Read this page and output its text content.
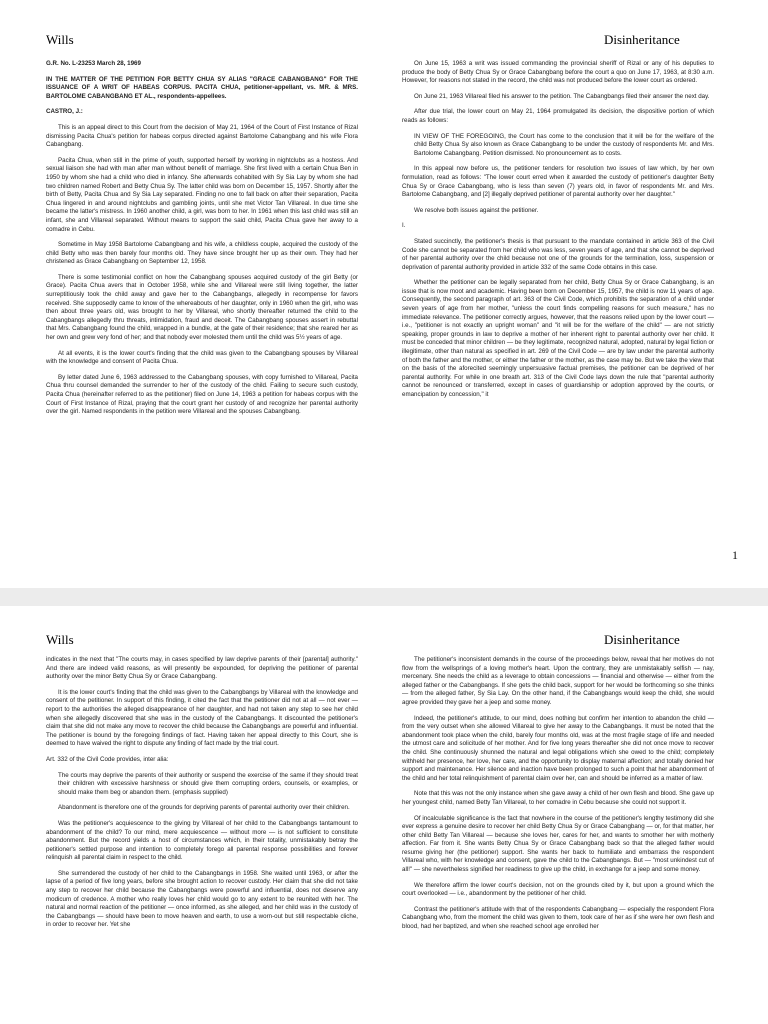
Wills	Disinheritance

G.R. No. L-23253 March 28, 1969

IN THE MATTER OF THE PETITION FOR BETTY CHUA SY ALIAS "GRACE CABANGBANG" FOR THE ISSUANCE OF A WRIT OF HABEAS CORPUS. PACITA CHUA, petitioner-appellant, vs. MR. & MRS. BARTOLOME CABANGBANG ET AL., respondents-appellees.

CASTRO, J.:

This is an appeal direct to this Court from the decision of May 21, 1964 of the Court of First Instance of Rizal dismissing Pacita Chua's petition for habeas corpus directed against Bartolome Cabangbang and his wife Flora Cabangbang.

Pacita Chua, when still in the prime of youth, supported herself by working in nightclubs as a hostess. And sexual liaison she had with man after man without benefit of marriage. She first lived with a certain Chua Ben in 1950 by whom she had a child who died in infancy. She afterwards cohabited with Sy Sia Lay by whom she had two children named Robert and Betty Chua Sy. The latter child was born on December 15, 1957. Shortly after the birth of Betty, Pacita Chua and Sy Sia Lay separated. Finding no one to fall back on after their separation, Pacita Chua lingered in and around nightclubs and gambling joints, until she met Victor Tan Villareal. In due time she became the latter's mistress. In 1960 another child, a girl, was born to her. In 1961 when this last child was still an infant, she and Villareal separated. Without means to support the said child, Pacita Chua gave her away to a comadre in Cebu.

Sometime in May 1958 Bartolome Cabangbang and his wife, a childless couple, acquired the custody of the child Betty who was then barely four months old. They have since brought her up as their own. They had her christened as Grace Cabangbang on September 12, 1958.

There is some testimonial conflict on how the Cabangbang spouses acquired custody of the girl Betty (or Grace). Pacita Chua avers that in October 1958, while she and Villareal were still living together, the latter surreptitiously took the child away and gave her to the Cabangbangs, allegedly in recompense for favors received. She supposedly came to know of the whereabouts of her daughter, only in 1960 when the girl, who was then about three years old, was brought to her by Villareal, who shortly thereafter returned the child to the Cabangbangs allegedly thru threats, intimidation, fraud and deceit. The Cabangbang spouses assert in rebuttal that Mrs. Cabangbang found the child, wrapped in a bundle, at the gate of their residence; that she reared her as her own and grew very fond of her; and that nobody ever molested them until the child was 5½ years of age.

At all events, it is the lower court's finding that the child was given to the Cabangbang spouses by Villareal with the knowledge and consent of Pacita Chua.

By letter dated June 6, 1963 addressed to the Cabangbang spouses, with copy furnished to Villareal, Pacita Chua thru counsel demanded the surrender to her of the custody of the child. Failing to secure such custody, Pacita Chua (hereinafter referred to as the petitioner) filed on June 14, 1963 a petition for habeas corpus with the Court of First Instance of Rizal, praying that the court grant her custody of and recognize her parental authority over the girl. Named respondents in the petition were Villareal and the spouses Cabangbang.

On June 15, 1963 a writ was issued commanding the provincial sheriff of Rizal or any of his deputies to produce the body of Betty Chua Sy or Grace Cabangbang before the court a quo on June 17, 1963, at 8:30 a.m. However, for reasons not stated in the record, the child was not produced before the lower court as ordered.

On June 21, 1963 Villareal filed his answer to the petition. The Cabangbangs filed their answer the next day.

After due trial, the lower court on May 21, 1964 promulgated its decision, the dispositive portion of which reads as follows:

IN VIEW OF THE FOREGOING, the Court has come to the conclusion that it will be for the welfare of the child Betty Chua Sy also known as Grace Cabangbang to be under the custody of respondents Mr. and Mrs. Bartolome Cabangbang. Petition dismissed. No pronouncement as to costs.

In this appeal now before us, the petitioner tenders for resolution two issues of law which, by her own formulation, read as follows: "The lower court erred when it awarded the custody of petitioner's daughter Betty Chua Sy or Grace Cabangbang, who is less than seven (7) years old, in favor of respondents Mr. and Mrs. Bartolome Cabangbang, and [2] illegally deprived petitioner of parental authority over her daughter."

We resolve both issues against the petitioner.

I.

Stated succinctly, the petitioner's thesis is that pursuant to the mandate contained in article 363 of the Civil Code she cannot be separated from her child who was less, seven years of age, and that she cannot be deprived of her parental authority over the child because not one of the grounds for the termination, loss, suspension or deprivation of parental authority provided in article 332 of the same Code obtains in this case.

Whether the petitioner can be legally separated from her child, Betty Chua Sy or Grace Cabangbang, is an issue that is now moot and academic. Having been born on December 15, 1957, the child is now 11 years of age. Consequently, the second paragraph of art. 363 of the Civil Code, which prohibits the separation of a child under seven years of age from her mother, "unless the court finds compelling reasons for such measure," has no immediate relevance. The petitioner correctly argues, however, that the reasons relied upon by the lower court —i.e., "petitioner is not exactly an upright woman" and "it will be for the welfare of the child" — are not strictly speaking, proper grounds in law to deprive a mother of her inherent right to parental authority over her child. It must be conceded that minor children — be they legitimate, recognized natural, adopted, natural by legal fiction or illegitimate, other than natural as specified in art. 269 of the Civil Code — are by law under the parental authority of both the father and the mother, or either the father or the mother, as the case may be. But we take the view that on the basis of the aforecited seemingly unpersuasive factual premises, the petitioner can be deprived of her parental authority. For while in one breath art. 313 of the Civil Code lays down the rule that "parental authority cannot be renounced or transferred, except in cases of guardianship or adoption approved by the courts, or emancipation by concession," it

1
Wills	Disinheritance

indicates in the next that "The courts may, in cases specified by law deprive parents of their [parental] authority." And there are indeed valid reasons, as will presently be expounded, for depriving the petitioner of parental authority over the minor Betty Chua Sy or Grace Cabangbang.

It is the lower court's finding that the child was given to the Cabangbangs by Villareal with the knowledge and consent of the petitioner. In support of this finding, it cited the fact that the petitioner did not at all — not ever — report to the authorities the alleged disappearance of her daughter, and had not taken any step to see her child when she allegedly discovered that she was in the custody of the Cabangbangs. It discounted the petitioner's claim that she did not make any move to recover the child because the Cabangbangs are powerful and influential. The petitioner is bound by the foregoing findings of fact. Having taken her appeal directly to this Court, she is deemed to have waived the right to dispute any finding of fact made by the trial court.

Art. 332 of the Civil Code provides, inter alia:

The courts may deprive the parents of their authority or suspend the exercise of the same if they should treat their children with excessive harshness or should give them corrupting orders, counsels, or examples, or should make them beg or abandon them. (emphasis supplied)

Abandonment is therefore one of the grounds for depriving parents of parental authority over their children.

Was the petitioner's acquiescence to the giving by Villareal of her child to the Cabangbangs tantamount to abandonment of the child? To our mind, mere acquiescence — without more — is not sufficient to constitute abandonment. But the record yields a host of circumstances which, in their totality, unmistakably betray the petitioner's settled purpose and intention to completely forego all parental response possibilities and forever relinquish all parental claim in respect to the child.

She surrendered the custody of her child to the Cabangbangs in 1958. She waited until 1963, or after the lapse of a period of five long years, before she brought action to recover custody. Her claim that she did not take any step to recover her child because the Cabangbangs were powerful and influential, does not deserve any modicum of credence. A mother who really loves her child would go to any extent to be reunited with her. The natural and normal reaction of the petitioner — once informed, as she alleged, and her child was in the custody of the Cabangbangs — should have been to move heaven and earth, to use a worn-out but still respectable cliche, in order to recover her. Yet she

The petitioner's inconsistent demands in the course of the proceedings below, reveal that her motives do not flow from the wellsprings of a loving mother's heart. Upon the contrary, they are unmistakably selfish — nay, mercenary. She needs the child as a leverage to obtain concessions — financial and otherwise — either from the alleged father or the Cabangbangs. If she gets the child back, support for her would be forthcoming so she thinks — from the alleged father, Sy Sia Lay. On the other hand, if the Cabangbangs would keep the child, she would agree provided they gave her a jeep and some money.

Indeed, the petitioner's attitude, to our mind, does nothing but confirm her intention to abandon the child — from the very outset when she allowed Villareal to give her away to the Cabangbangs. It must be noted that the abandonment took place when the child, barely four months old, was at the most fragile stage of life and needed the utmost care and solicitude of her mother. And for five long years thereafter she did not once move to recover the child. She continuously shunned the natural and legal obligations which she owed to the child; completely withheld her presence, her love, her care, and the opportunity to display maternal affection; and totally denied her support and maintenance. Her silence and inaction have been prolonged to such a point that her abandonment of the child and her total relinquishment of parental claim over her, can and should be inferred as a matter of law.

Note that this was not the only instance when she gave away a child of her own flesh and blood. She gave up her youngest child, named Betty Tan Villareal, to her comadre in Cebu because she could not support it.

Of incalculable significance is the fact that nowhere in the course of the petitioner's lengthy testimony did she ever express a genuine desire to recover her child Betty Chua Sy or Grace Cabangbang — or, for that matter, her other child Betty Tan Villareal — because she loves her, cares for her, and wants to smother her with motherly affection. Far from it. She wants Betty Chua Sy or Grace Cabangbang back so that the alleged father would resume giving her (the petitioner) support. She wants her back to humiliate and embarrass the respondent Villareal who, with her knowledge and consent, gave the child to the Cabangbangs. But — "most unkindest cut of all!" — she nevertheless signified her readiness to give up the child, in exchange for a jeep and some money.

We therefore affirm the lower court's decision, not on the grounds cited by it, but upon a ground which the court overlooked — i.e., abandonment by the petitioner of her child.

Contrast the petitioner's attitude with that of the respondents Cabangbang — especially the respondent Flora Cabangbang who, from the moment the child was given to them, took care of her as if she were her own flesh and blood, had her baptized, and when she reached school age enrolled her
